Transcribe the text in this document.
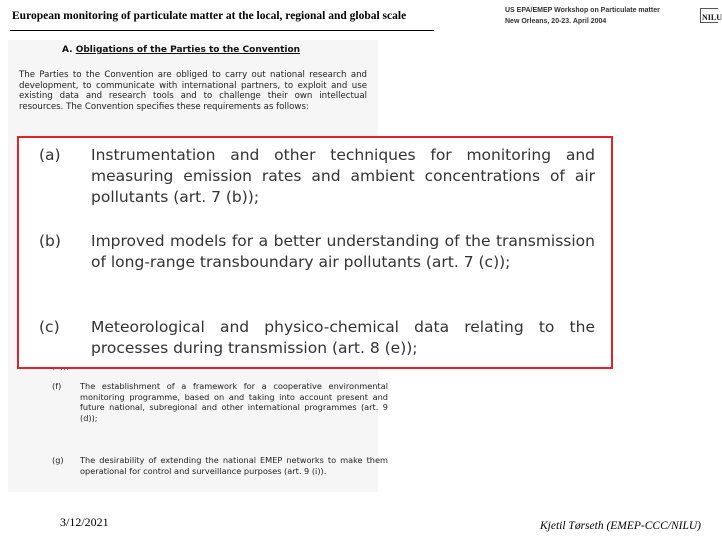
European monitoring of particulate matter at the local, regional and global scale	US EPA/EMEP Workshop on Particulate matter
New Orleans, 20-23. April 2004	NILU
A. Obligations of the Parties to the Convention
The Parties to the Convention are obliged to carry out national research and development, to communicate with international partners, to exploit and use existing data and research tools and to challenge their own intellectual resources. The Convention specifies these requirements as follows:
(f) The establishment of a framework for a cooperative environmental monitoring programme, based on and taking into account present and future national, subregional and other international programmes (art. 9 (d));
(g) The desirability of extending the national EMEP networks to make them operational for control and surveillance purposes (art. 9 (i)).
(a) Instrumentation and other techniques for monitoring and measuring emission rates and ambient concentrations of air pollutants (art. 7 (b));
(b) Improved models for a better understanding of the transmission of long-range transboundary air pollutants (art. 7 (c));
(c) Meteorological and physico-chemical data relating to the processes during transmission (art. 8 (e));
3/12/2021	Kjetil Tørseth (EMEP-CCC/NILU)
